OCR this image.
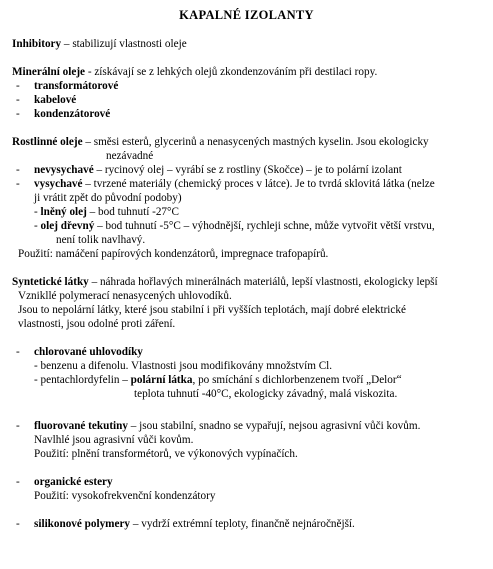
KAPALNÉ IZOLANTY
Inhibitory – stabilizují vlastnosti oleje
Minerální oleje - získávají se z lehkých olejů zkondenzováním při destilaci ropy.
- transformátorové
- kabelové
- kondenzátorové
Rostlinné oleje – směsi esterů, glycerinů a nenasycených mastných kyselin. Jsou ekologicky
nezávadné
- nevysychavé – rycinový olej – vyrábí se z rostliny (Skočce) – je to polární izolant
- vysychavé – tvrzené materiály (chemický proces v látce). Je to tvrdá sklovitá látka (nelze
ji vrátit zpět do původní podoby)
- lněný olej – bod tuhnutí -27°C
- olej dřevný – bod tuhnutí -5°C – výhodnější, rychleji schne, může vytvořit větší vrstvu,
není tolik navlhavý.
Použití: namáčení papírových kondenzátorů, impregnace trafopapírů.
Syntetické látky – náhrada hořlavých minerálnách materiálů, lepší vlastnosti, ekologicky lepší
Vznikllé polymerací nenasycených uhlovodíků.
Jsou to nepolární látky, které jsou stabilní i při vyšších teplotách, mají dobré elektrické
vlastnosti, jsou odolné proti záření.
- chlorované uhlovodíky
- benzenu a difenolu. Vlastnosti jsou modifikovány množstvím Cl.
- pentachlordyfelin – polární látka, po smíchání s dichlorbenzenem tvoří „Delor“
teplota tuhnutí -40°C, ekologicky závadný, malá viskozita.
- fluorované tekutiny – jsou stabilní, snadno se vypařují, nejsou agrasivní vůči kovům.
Navlhlé jsou agrasivní vůči kovům.
Použití: plnění transformétorů, ve výkonových vypínačích.
- organické estery
Použití: vysokofrekvenční kondenzátory
- silikonové polymery – vydrží extrémní teploty, finančně nejnáročnější.
